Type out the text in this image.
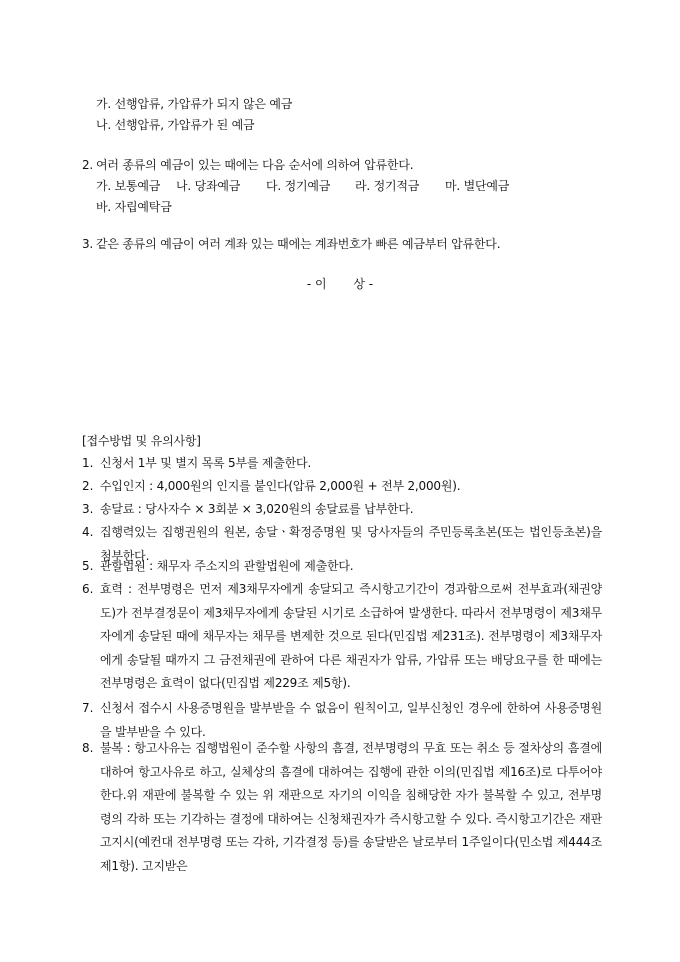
가. 선행압류, 가압류가 되지 않은 예금
나. 선행압류, 가압류가 된 예금
2. 여러 종류의 예금이 있는 때에는 다음 순서에 의하여 압류한다.
가. 보통예금 나. 당좌예금 다. 정기예금 라. 정기적금 마. 별단예금
바. 자립예탁금
3. 같은 종류의 예금이 여러 계좌 있는 때에는 계좌번호가 빠른 예금부터 압류한다.
- 이       상 -
[접수방법 및 유의사항]
1. 신청서 1부 및 별지 목록 5부를 제출한다.
2. 수입인지 : 4,000원의 인지를 붙인다(압류 2,000원 + 전부 2,000원).
3. 송달료 : 당사자수 × 3회분 × 3,020원의 송달료를 납부한다.
4. 집행력있는 집행권원의 원본, 송달ㆍ확정증명원 및 당사자들의 주민등록초본(또는 법인등초본)을 첨부한다.
5. 관할법원 : 채무자 주소지의 관할법원에 제출한다.
6. 효력 : 전부명령은 먼저 제3채무자에게 송달되고 즉시항고기간이 경과함으로써 전부효과(채권양도)가 전부결정문이 제3채무자에게 송달된 시기로 소급하여 발생한다. 따라서 전부명령이 제3채무자에게 송달된 때에 채무자는 채무를 변제한 것으로 된다(민집법 제231조). 전부명령이 제3채무자에게 송달될 때까지 그 금전채권에 관하여 다른 채권자가 압류, 가압류 또는 배당요구를 한 때에는 전부명령은 효력이 없다(민집법 제229조 제5항).
7. 신청서 접수시 사용증명원을 발부받을 수 없음이 원칙이고, 일부신청인 경우에 한하여 사용증명원을 발부받을 수 있다.
8. 불복 : 항고사유는 집행법원이 준수할 사항의 흠결, 전부명령의 무효 또는 취소 등 절차상의 흠결에 대하여 항고사유로 하고, 실체상의 흠결에 대하여는 집행에 관한 이의(민집법 제16조)로 다투어야 한다.위 재판에 불복할 수 있는 위 재판으로 자기의 이익을 침해당한 자가 불복할 수 있고, 전부명령의 각하 또는 기각하는 결정에 대하여는 신청채권자가 즉시항고할 수 있다. 즉시항고기간은 재판고지시(예컨대 전부명령 또는 각하, 기각결정 등)를 송달받은 날로부터 1주일이다(민소법 제444조 제1항). 고지받은
